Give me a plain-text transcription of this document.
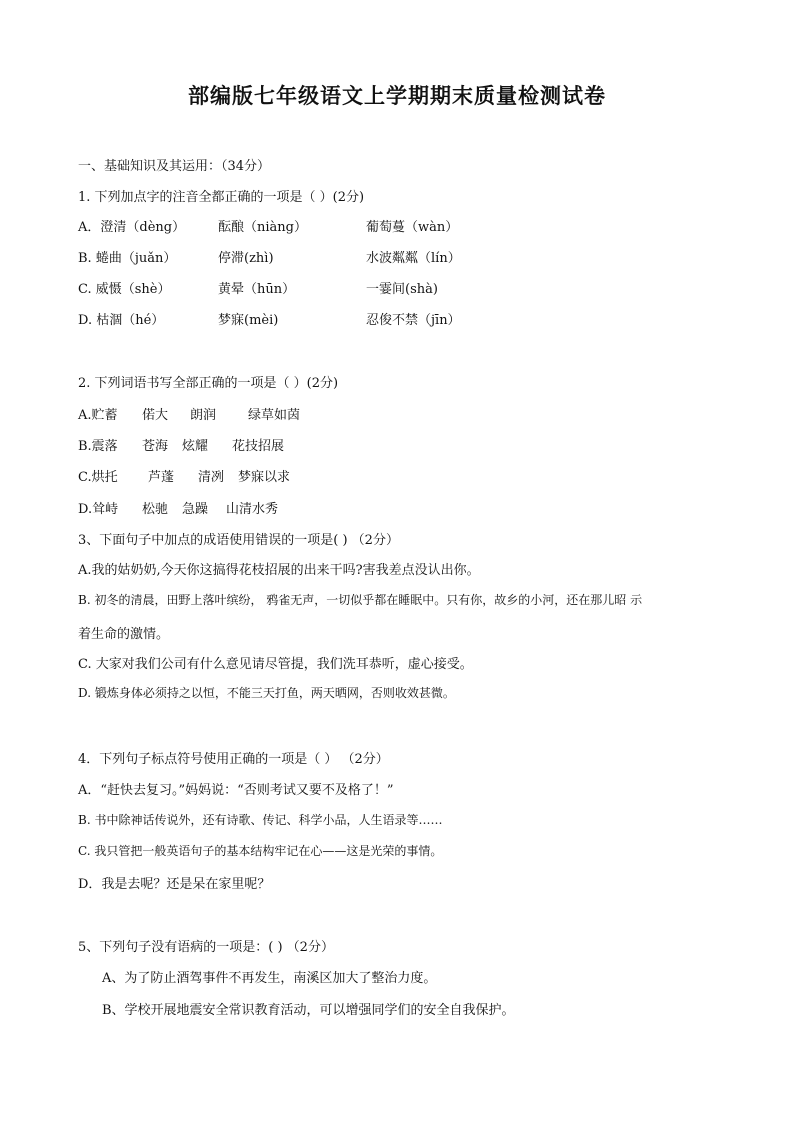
部编版七年级语文上学期期末质量检测试卷
一、基础知识及其运用：（34分）
1. 下列加点字的注音全都正确的一项是（ ）(2分)
A．澄清（dèng）	酝酿（niàng）	葡萄蔓（wàn）
B. 蜷曲（juǎn）	停滞(zhì)	水波粼粼（lín）
C. 威慑（shè）	黄晕（hūn）	一霎间(shà)
D. 枯涸（hé）	梦寐(mèi)	忍俊不禁（jīn）
2. 下列词语书写全部正确的一项是（ ）(2分)
A.贮蓄 偌大 朗润 绿草如茵
B.震落 苍海 炫耀 花技招展
C.烘托 芦蓬 清冽 梦寐以求
D.耸峙 松驰 急躁 山清水秀
3、下面句子中加点的成语使用错误的一项是( ) （2分）
A.我的姑奶奶,今天你这搞得花枝招展的出来干吗?害我差点没认出你。
B. 初冬的清晨，田野上落叶缤纷， 鸦雀无声，一切似乎都在睡眠中。只有你，故乡的小河，还在那儿昭 示
着生命的激情。
C. 大家对我们公司有什么意见请尽管提，我们洗耳恭听，虚心接受。
D. 锻炼身体必须持之以恒，不能三天打鱼，两天晒网，否则收效甚微。
4．下列句子标点符号使用正确的一项是（ ） （2分）
A．“赶快去复习。”妈妈说：“否则考试又要不及格了！”
B. 书中除神话传说外，还有诗歌、传记、科学小品，人生语录等……
C. 我只管把一般英语句子的基本结构牢记在心——这是光荣的事情。
D．我是去呢？还是呆在家里呢？
5、下列句子没有语病的一项是：( ) （2分）
A、为了防止酒驾事件不再发生，南溪区加大了整治力度。
B、学校开展地震安全常识教育活动，可以增强同学们的安全自我保护。
